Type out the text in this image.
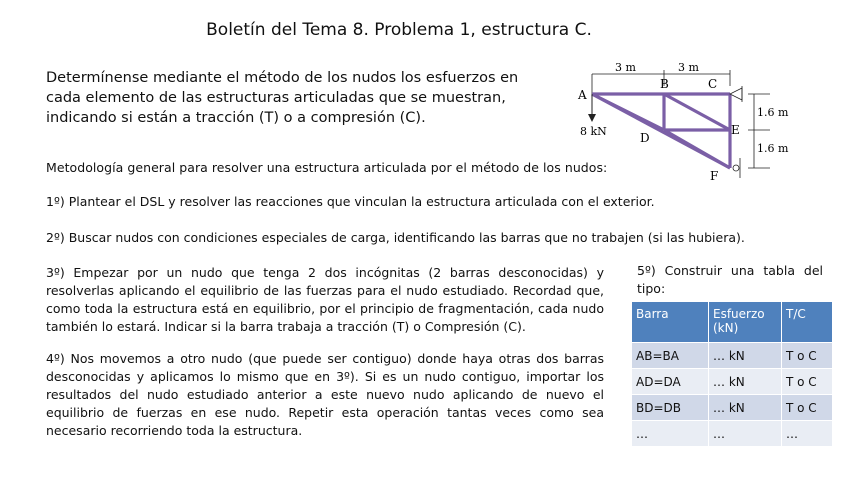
Boletín del Tema 8. Problema 1, estructura C.
Determínense mediante el método de los nudos los esfuerzos en cada elemento de las estructuras articuladas que se muestran, indicando si están a tracción (T) o a compresión (C).
3 m	3 m
1.6 m
1.6 m
8 kN
A
B	C
D
E
F
Metodología general para resolver una estructura articulada por el método de los nudos:
1º) Plantear el DSL y resolver las reacciones que vinculan la estructura articulada con el exterior.
2º) Buscar nudos con condiciones especiales de carga, identificando las barras que no trabajen (si las hubiera).
3º) Empezar por un nudo que tenga 2 dos incógnitas (2 barras desconocidas) y resolverlas aplicando el equilibrio de las fuerzas para el nudo estudiado. Recordad que, como toda la estructura está en equilibrio, por el principio de fragmentación, cada nudo también lo estará. Indicar si la barra trabaja a tracción (T) o Compresión (C).
4º) Nos movemos a otro nudo (que puede ser contiguo) donde haya otras dos barras desconocidas y aplicamos lo mismo que en 3º). Si es un nudo contiguo, importar los resultados del nudo estudiado anterior a este nuevo nudo aplicando de nuevo el equilibrio de fuerzas en ese nudo. Repetir esta operación tantas veces como sea necesario recorriendo toda la estructura.
5º) Construir una tabla del tipo:
Barra	Esfuerzo (kN)	T/C
AB=BA	… kN	T o C
AD=DA	… kN	T o C
BD=DB	… kN	T o C
…	…	…
